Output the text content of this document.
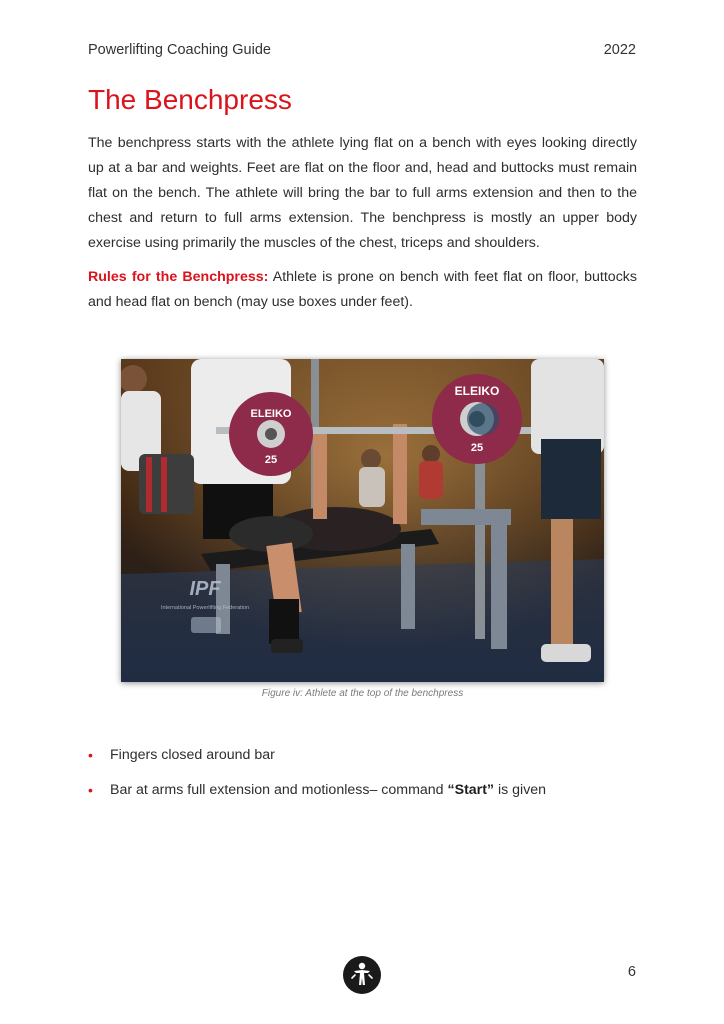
Powerlifting Coaching Guide	2022
The Benchpress

The benchpress starts with the athlete lying flat on a bench with eyes looking directly up at a bar and weights. Feet are flat on the floor and, head and buttocks must remain flat on the bench. The athlete will bring the bar to full arms extension and then to the chest and return to full arms extension. The benchpress is mostly an upper body exercise using primarily the muscles of the chest, triceps and shoulders.

Rules for the Benchpress: Athlete is prone on bench with feet flat on floor, buttocks and head flat on bench (may use boxes under feet).

ELEIKO
25
ELEIKO
25
IPF
International Powerlifting Federation
Figure iv: Athlete at the top of the benchpress
• Fingers closed around bar
• Bar at arms full extension and motionless– command “Start” is given
6
